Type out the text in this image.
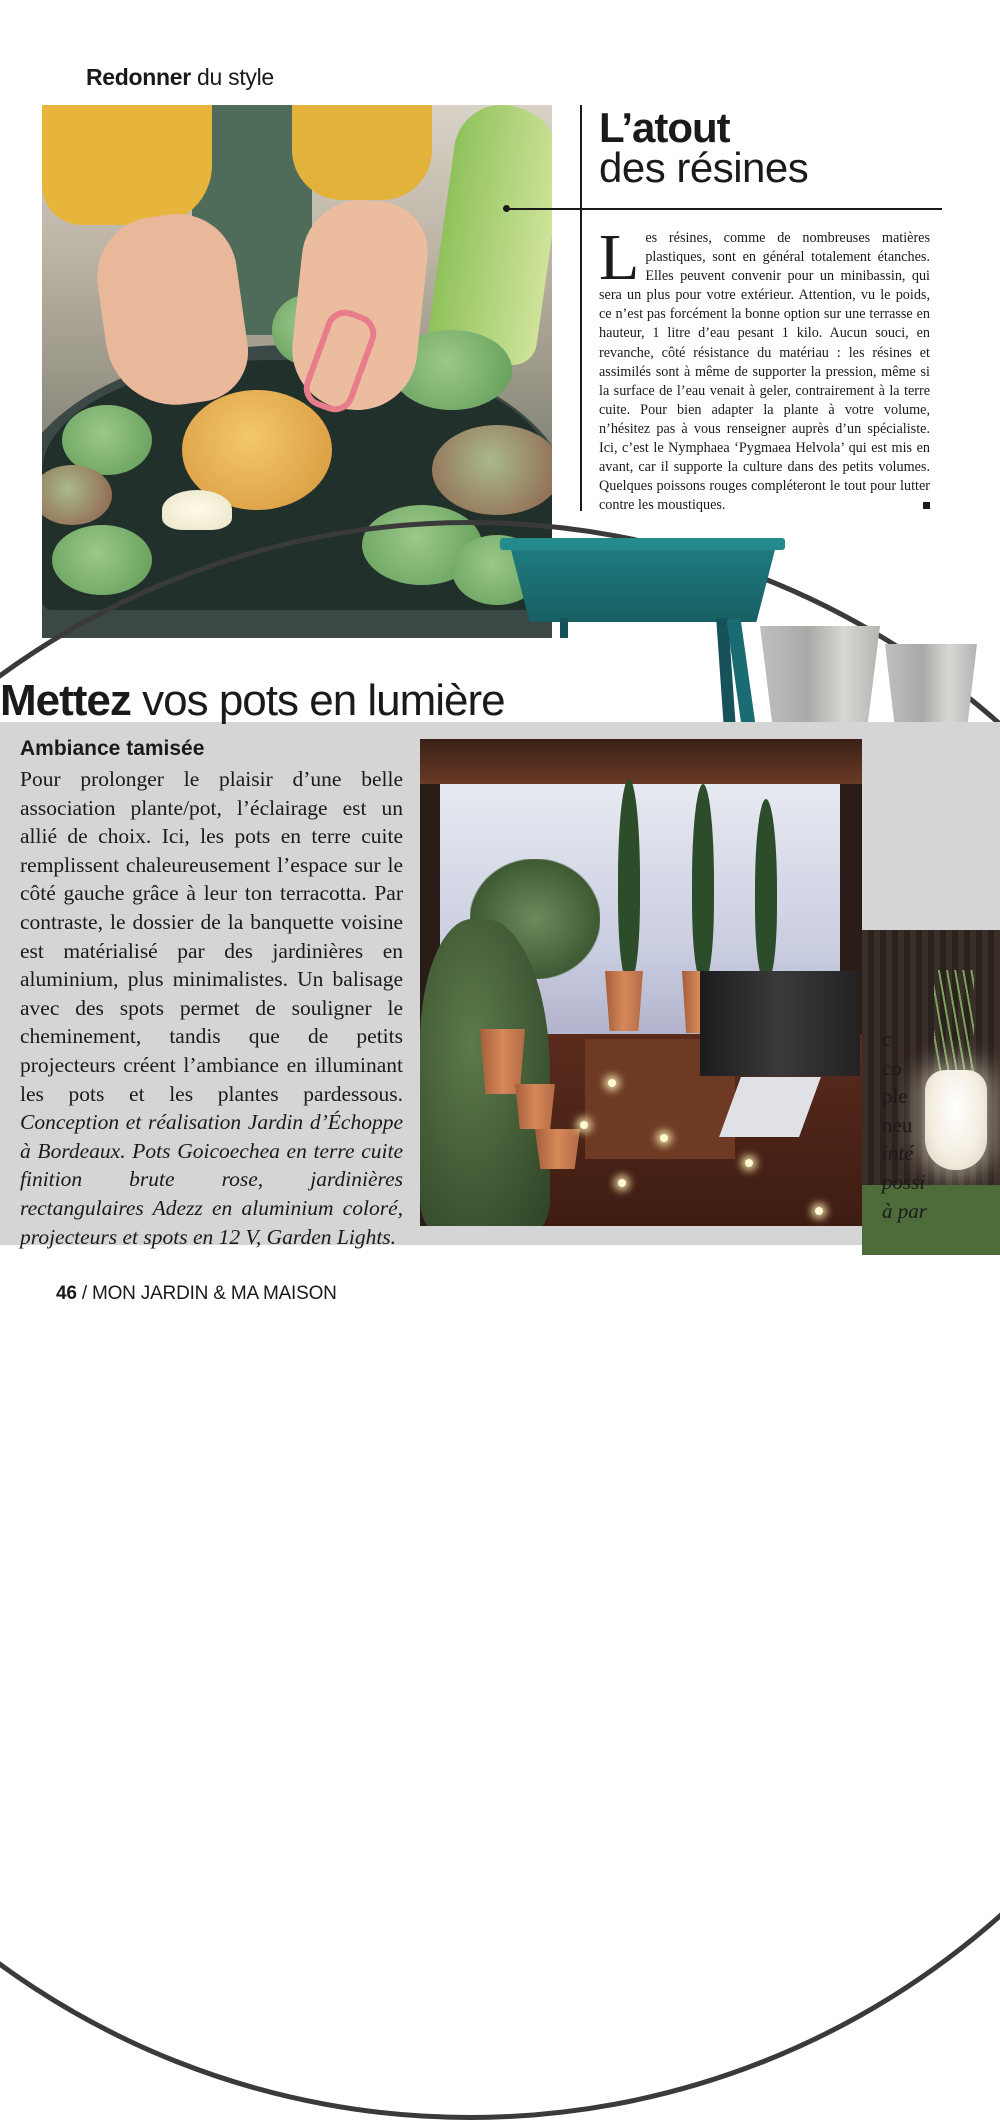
Redonner du style
L’atout
des résines
Les résines, comme de nombreuses matières plastiques, sont en général totalement étanches. Elles peuvent convenir pour un minibassin, qui sera un plus pour votre extérieur. Attention, vu le poids, ce n’est pas forcément la bonne option sur une terrasse en hauteur, 1 litre d’eau pesant 1 kilo. Aucun souci, en revanche, côté résistance du matériau : les résines et assimilés sont à même de supporter la pression, même si la surface de l’eau venait à geler, contrairement à la terre cuite. Pour bien adapter la plante à votre volume, n’hésitez pas à vous renseigner auprès d’un spécialiste. Ici, c’est le Nymphaea ‘Pygmaea Helvola’ qui est mis en avant, car il supporte la culture dans des petits volumes. Quelques poissons rouges compléteront le tout pour lutter contre les moustiques.
Mettez vos pots en lumière
Ambiance tamisée
Pour prolonger le plaisir d’une belle association plante/pot, l’éclairage est un allié de choix. Ici, les pots en terre cuite remplissent chaleureusement l’espace sur le côté gauche grâce à leur ton terracotta. Par contraste, le dossier de la banquette voisine est matérialisé par des jardinières en aluminium, plus minimalistes. Un balisage avec des spots permet de souligner le cheminement, tandis que de petits projecteurs créent l’ambiance en illuminant les pots et les plantes pardessous. Conception et réalisation Jardin d’Échoppe à Bordeaux. Pots Goicoechea en terre cuite finition brute rose, jardinières rectangulaires Adezz en aluminium coloré, projecteurs et spots en 12 V, Garden Lights.
c
co
ple
neu
inté
possi
à par
46 / MON JARDIN & MA MAISON
